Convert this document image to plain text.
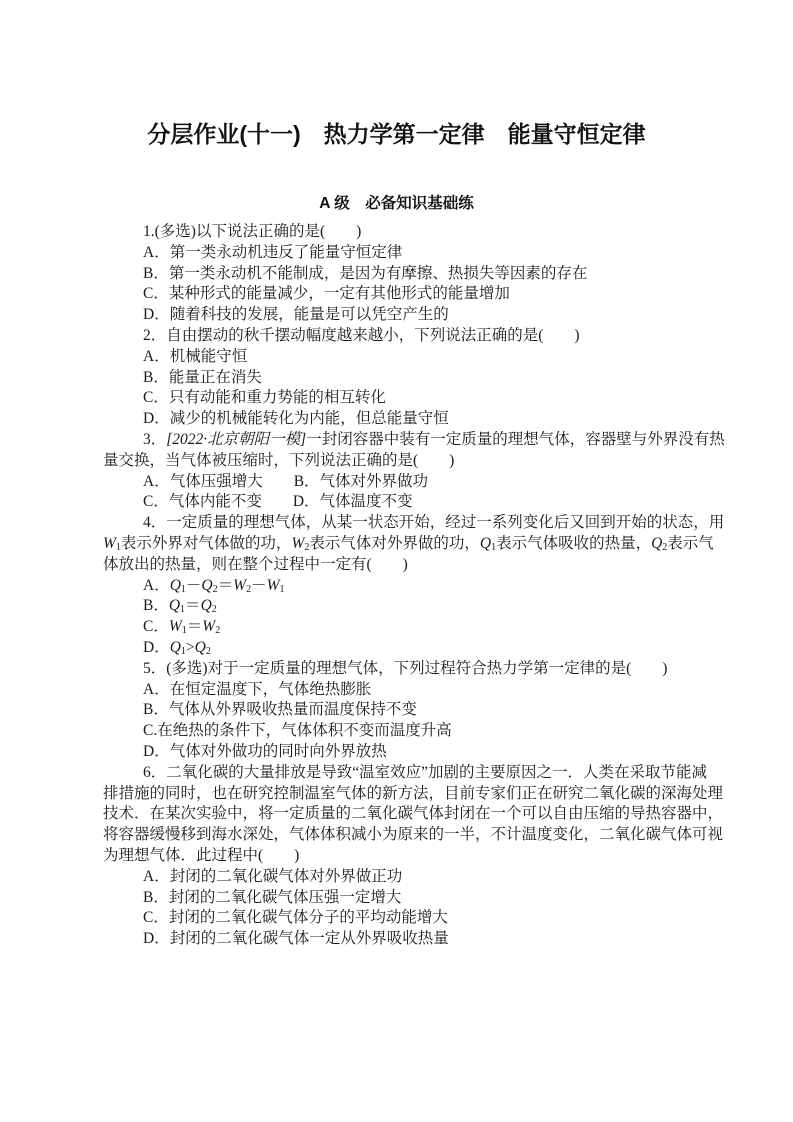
分层作业(十一)　热力学第一定律　能量守恒定律
A 级　必备知识基础练
1.(多选)以下说法正确的是(　　)
A．第一类永动机违反了能量守恒定律
B．第一类永动机不能制成，是因为有摩擦、热损失等因素的存在
C．某种形式的能量减少，一定有其他形式的能量增加
D．随着科技的发展，能量是可以凭空产生的
2．自由摆动的秋千摆动幅度越来越小，下列说法正确的是(　　)
A．机械能守恒
B．能量正在消失
C．只有动能和重力势能的相互转化
D．减少的机械能转化为内能，但总能量守恒
3．[2022·北京朝阳一模]一封闭容器中装有一定质量的理想气体，容器壁与外界没有热
量交换，当气体被压缩时，下列说法正确的是(　　)
A．气体压强增大　　B．气体对外界做功
C．气体内能不变　　D．气体温度不变
4．一定质量的理想气体，从某一状态开始，经过一系列变化后又回到开始的状态，用
$W_1$表示外界对气体做的功，$W_2$表示气体对外界做的功，$Q_1$表示气体吸收的热量，$Q_2$表示气
体放出的热量，则在整个过程中一定有(　　)
A．$Q_1-Q_2=W_2-W_1$
B．$Q_1=Q_2$
C．$W_1=W_2$
D．$Q_1>Q_2$
5．(多选)对于一定质量的理想气体，下列过程符合热力学第一定律的是(　　)
A．在恒定温度下，气体绝热膨胀
B．气体从外界吸收热量而温度保持不变
C.在绝热的条件下，气体体积不变而温度升高
D．气体对外做功的同时向外界放热
6．二氧化碳的大量排放是导致“温室效应”加剧的主要原因之一．人类在采取节能减
排措施的同时，也在研究控制温室气体的新方法，目前专家们正在研究二氧化碳的深海处理
技术．在某次实验中，将一定质量的二氧化碳气体封闭在一个可以自由压缩的导热容器中，
将容器缓慢移到海水深处，气体体积减小为原来的一半，不计温度变化，二氧化碳气体可视
为理想气体．此过程中(　　)
A．封闭的二氧化碳气体对外界做正功
B．封闭的二氧化碳气体压强一定增大
C．封闭的二氧化碳气体分子的平均动能增大
D．封闭的二氧化碳气体一定从外界吸收热量
